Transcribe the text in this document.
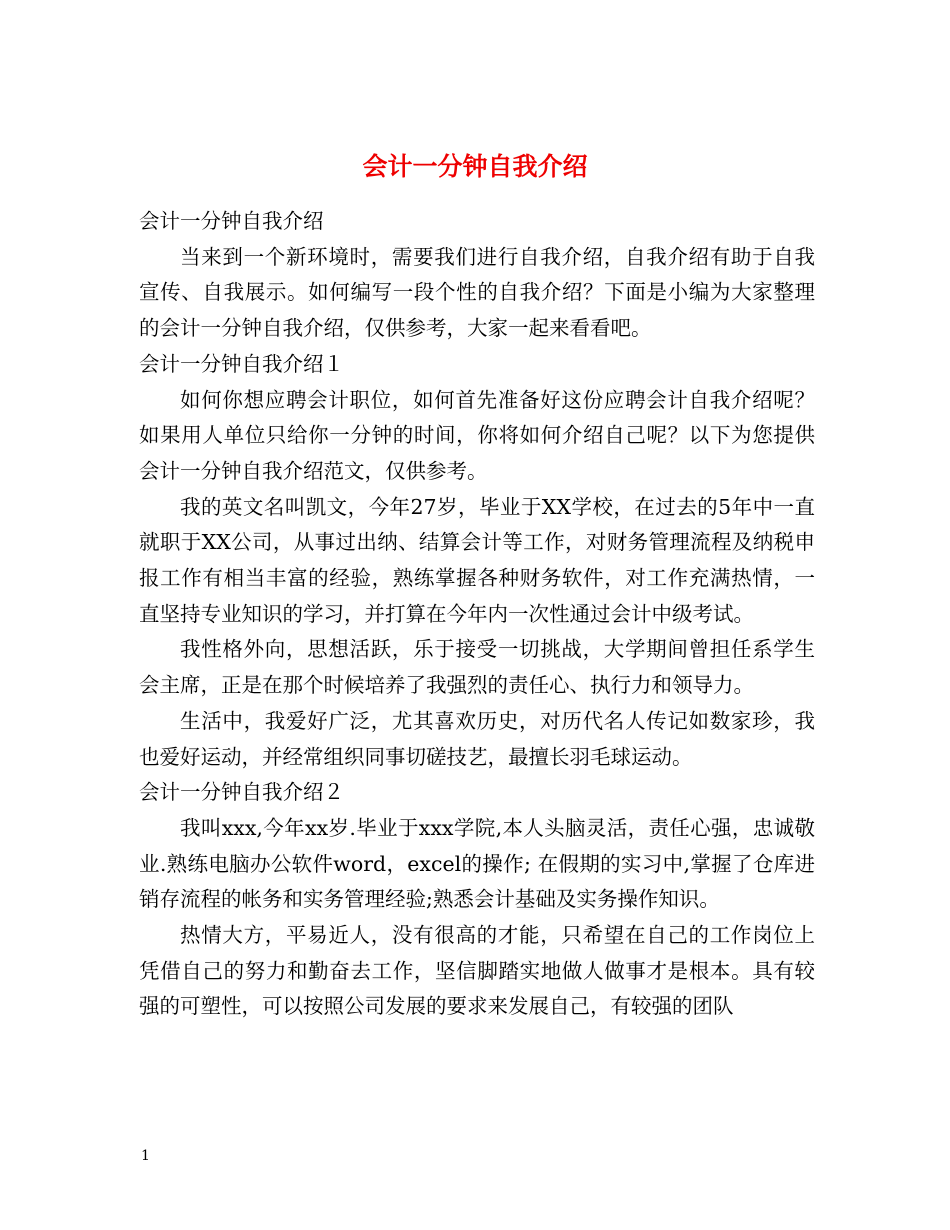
会计一分钟自我介绍

会计一分钟自我介绍

当来到一个新环境时，需要我们进行自我介绍，自我介绍有助于自我宣传、自我展示。如何编写一段个性的自我介绍？下面是小编为大家整理的会计一分钟自我介绍，仅供参考，大家一起来看看吧。

会计一分钟自我介绍１

如何你想应聘会计职位，如何首先准备好这份应聘会计自我介绍呢？如果用人单位只给你一分钟的时间，你将如何介绍自己呢？以下为您提供会计一分钟自我介绍范文，仅供参考。

我的英文名叫凯文，今年27岁，毕业于XX学校，在过去的5年中一直就职于XX公司，从事过出纳、结算会计等工作，对财务管理流程及纳税申报工作有相当丰富的经验，熟练掌握各种财务软件，对工作充满热情，一直坚持专业知识的学习，并打算在今年内一次性通过会计中级考试。

我性格外向，思想活跃，乐于接受一切挑战，大学期间曾担任系学生会主席，正是在那个时候培养了我强烈的责任心、执行力和领导力。

生活中，我爱好广泛，尤其喜欢历史，对历代名人传记如数家珍，我也爱好运动，并经常组织同事切磋技艺，最擅长羽毛球运动。

会计一分钟自我介绍２

我叫xxx,今年xx岁.毕业于xxx学院,本人头脑灵活，责任心强，忠诚敬业.熟练电脑办公软件word，excel的操作; 在假期的实习中,掌握了仓库进销存流程的帐务和实务管理经验;熟悉会计基础及实务操作知识。

热情大方，平易近人，没有很高的才能，只希望在自己的工作岗位上凭借自己的努力和勤奋去工作，坚信脚踏实地做人做事才是根本。具有较强的可塑性，可以按照公司发展的要求来发展自己，有较强的团队

1
